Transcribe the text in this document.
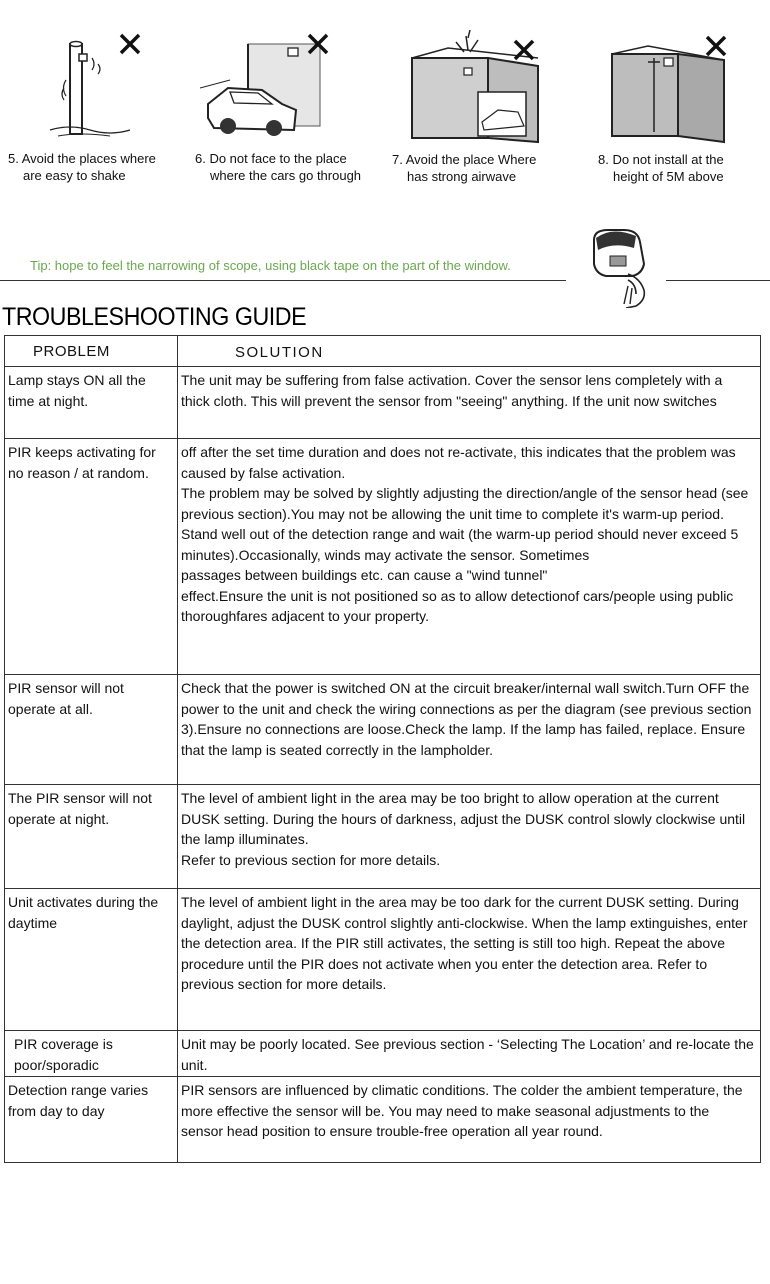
5. Avoid the places where
are easy to shake
6. Do not face to the place
where the cars go through
7. Avoid the place Where
has strong airwave
8. Do not install at the
height of 5M above
Tip: hope to feel the narrowing of scope, using black tape on the part of the window.
TROUBLESHOOTING GUIDE
PROBLEM	SOLUTION

Lamp stays ON all the time at night.	The unit may be suffering from false activation. Cover the sensor lens completely with a thick cloth. This will prevent the sensor from "seeing" anything. If the unit now switches

PIR keeps activating for no reason / at random.	off after the set time duration and does not re-activate, this indicates that the problem was caused by false activation.
The problem may be solved by slightly adjusting the direction/angle of the sensor head (see previous section).You may not be allowing the unit time to complete it's warm-up period. Stand well out of the detection range and wait (the warm-up period should never exceed 5 minutes).Occasionally, winds may activate the sensor. Sometimes
passages between buildings etc. can cause a "wind tunnel"
effect.Ensure the unit is not positioned so as to allow detectionof cars/people using public thoroughfares adjacent to your property.

PIR sensor will not operate at all.	Check that the power is switched ON at the circuit breaker/internal wall switch.Turn OFF the power to the unit and check the wiring connections as per the diagram (see previous section 3).Ensure no connections are loose.Check the lamp. If the lamp has failed, replace. Ensure that the lamp is seated correctly in the lampholder.

The PIR sensor will not operate at night.	The level of ambient light in the area may be too bright to allow operation at the current DUSK setting. During the hours of darkness, adjust the DUSK control slowly clockwise until the lamp illuminates.
Refer to previous section for more details.

Unit activates during the daytime	The level of ambient light in the area may be too dark for the current DUSK setting. During daylight, adjust the DUSK control slightly anti-clockwise. When the lamp extinguishes, enter the detection area. If the PIR still activates, the setting is still too high. Repeat the above procedure until the PIR does not activate when you enter the detection area. Refer to previous section for more details.

PIR coverage is poor/sporadic	Unit may be poorly located. See previous section - ‘Selecting The Location’ and re-locate the unit.

Detection range varies from day to day	PIR sensors are influenced by climatic conditions. The colder the ambient temperature, the more effective the sensor will be. You may need to make seasonal adjustments to the sensor head position to ensure trouble-free operation all year round.
